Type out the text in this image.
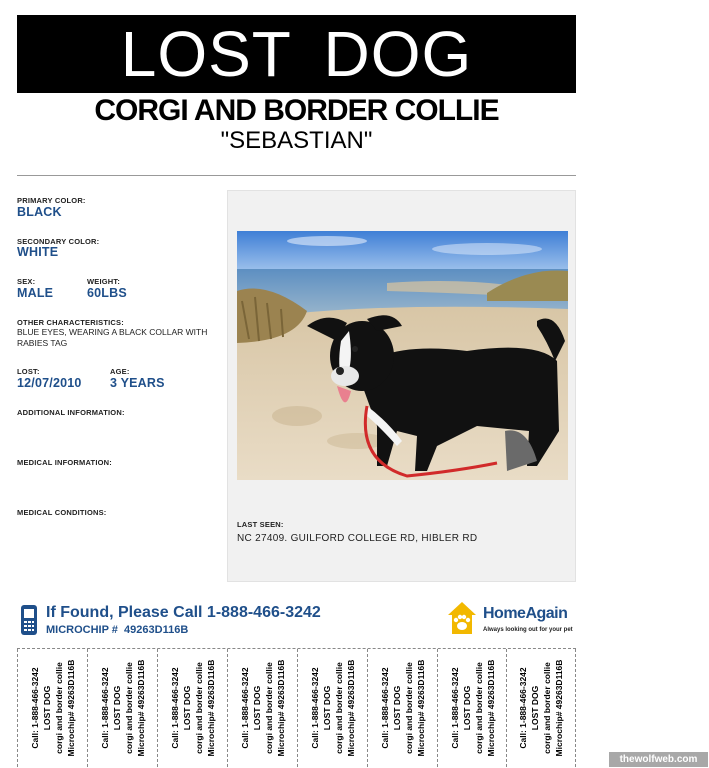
LOST DOG
CORGI AND BORDER COLLIE
"SEBASTIAN"
PRIMARY COLOR:
BLACK
SECONDARY COLOR:
WHITE
SEX:
MALE
WEIGHT:
60LBS
OTHER CHARACTERISTICS:
BLUE EYES, WEARING A BLACK COLLAR WITH RABIES TAG
LOST:
12/07/2010
AGE:
3 YEARS
ADDITIONAL INFORMATION:
MEDICAL INFORMATION:
MEDICAL CONDITIONS:
LAST SEEN:
NC 27409. GUILFORD COLLEGE RD, HIBLER RD
If Found, Please Call 1-888-466-3242
MICROCHIP # 49263D116B
HomeAgain
Always looking out for your pet
Call: 1-888-466-3242 LOST DOG corgi and border collie Microchip# 49263D116B	Call: 1-888-466-3242 LOST DOG corgi and border collie Microchip# 49263D116B	Call: 1-888-466-3242 LOST DOG corgi and border collie Microchip# 49263D116B	Call: 1-888-466-3242 LOST DOG corgi and border collie Microchip# 49263D116B	Call: 1-888-466-3242 LOST DOG corgi and border collie Microchip# 49263D116B	Call: 1-888-466-3242 LOST DOG corgi and border collie Microchip# 49263D116B	Call: 1-888-466-3242 LOST DOG corgi and border collie Microchip# 49263D116B	Call: 1-888-466-3242 LOST DOG corgi and border collie Microchip# 49263D116B
thewolfweb.com
